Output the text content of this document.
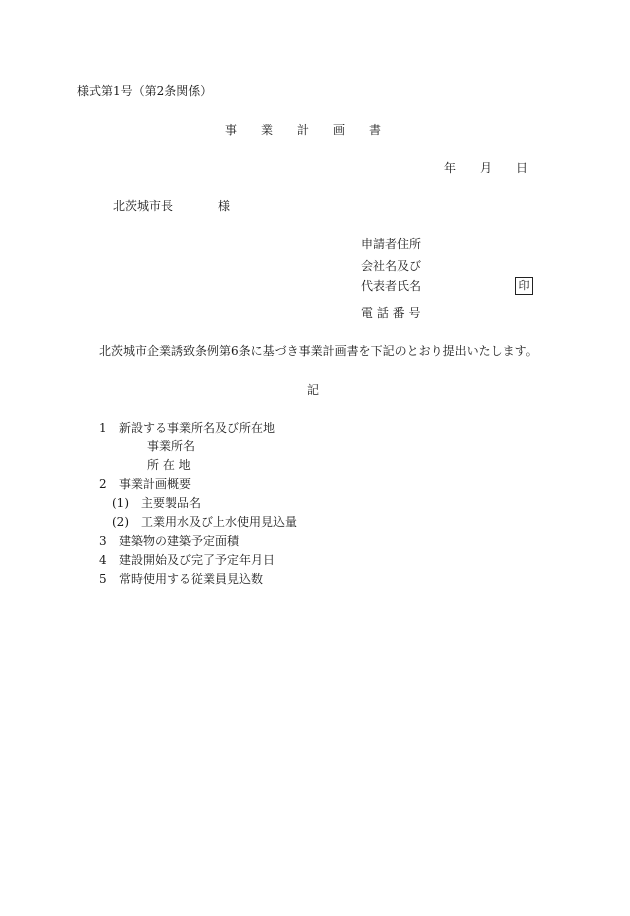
様式第1号（第2条関係）
事　　業　　計　　画　　書
年　　月　　日
北茨城市長	様
申請者住所
会社名及び
代表者氏名	印
電 話 番 号
北茨城市企業誘致条例第6条に基づき事業計画書を下記のとおり提出いたします。
記
1 新設する事業所名及び所在地
事業所名
所 在 地
2 事業計画概要
(1) 主要製品名
(2) 工業用水及び上水使用見込量
3 建築物の建築予定面積
4 建設開始及び完了予定年月日
5 常時使用する従業員見込数
